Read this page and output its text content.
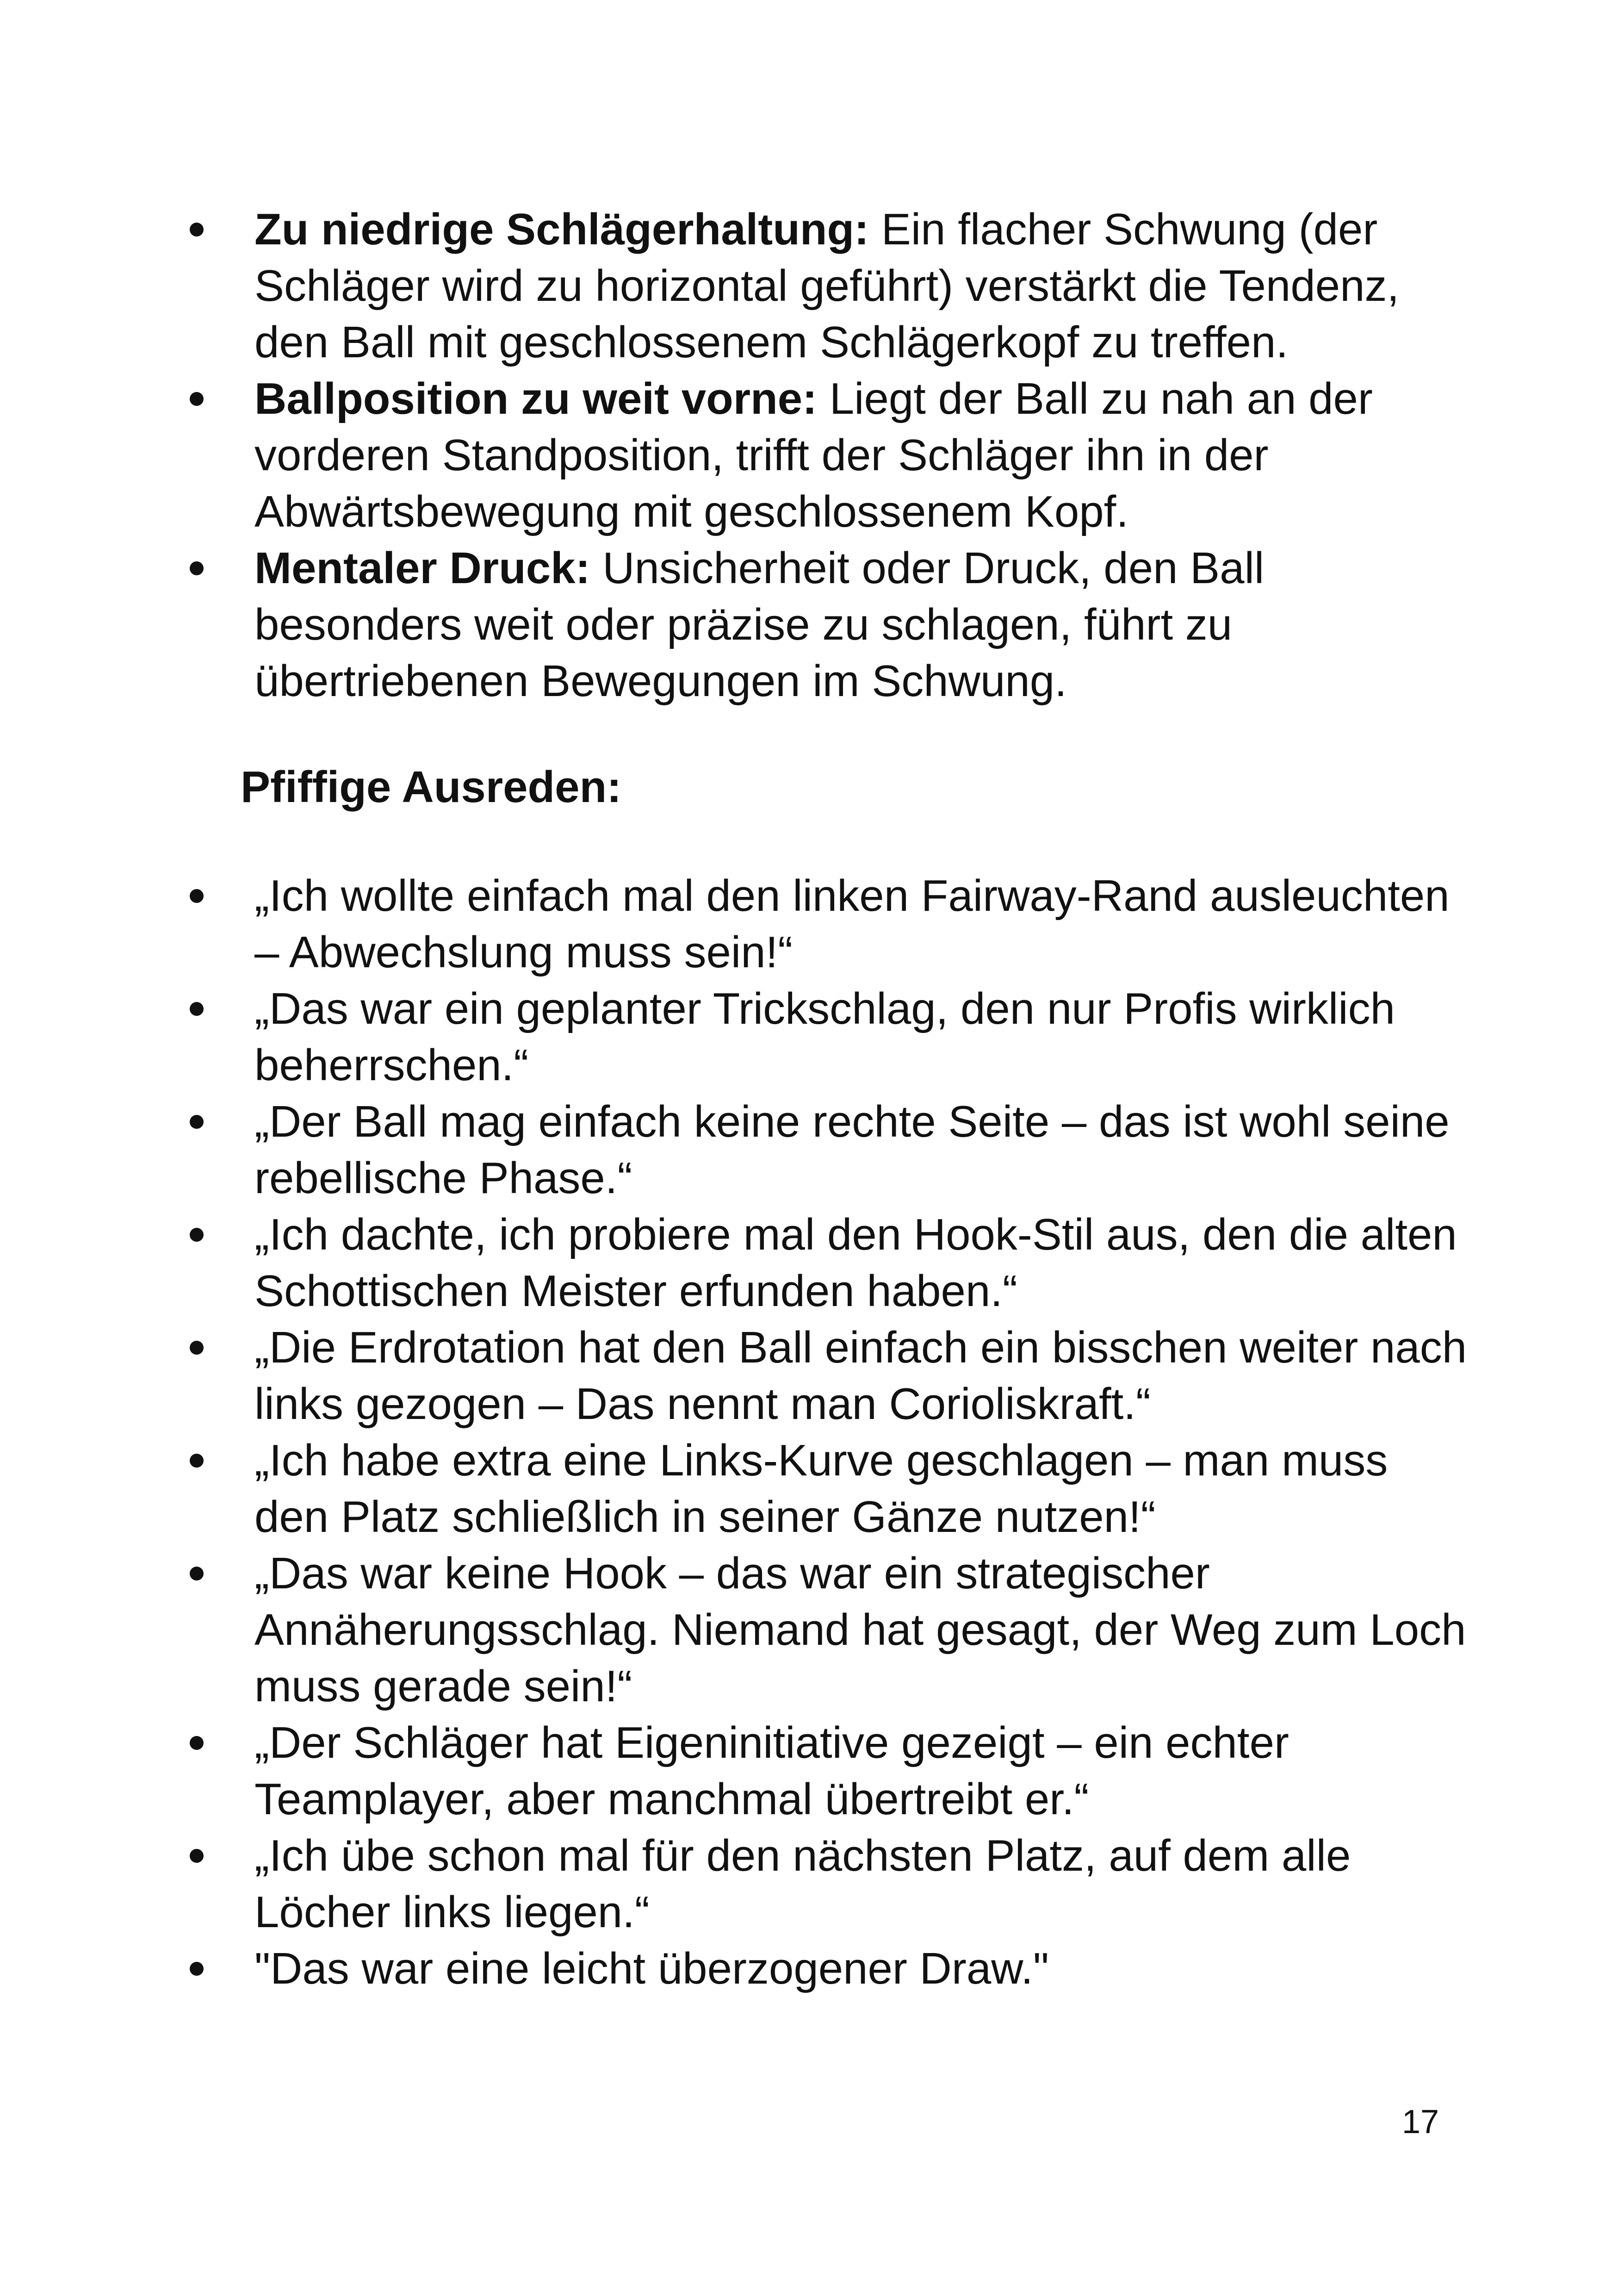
Zu niedrige Schlägerhaltung: Ein flacher Schwung (der Schläger wird zu horizontal geführt) verstärkt die Tendenz, den Ball mit geschlossenem Schlägerkopf zu treffen.
Ballposition zu weit vorne: Liegt der Ball zu nah an der vorderen Standposition, trifft der Schläger ihn in der Abwärtsbewegung mit geschlossenem Kopf.
Mentaler Druck: Unsicherheit oder Druck, den Ball besonders weit oder präzise zu schlagen, führt zu übertriebenen Bewegungen im Schwung.
Pfiffige Ausreden:
„Ich wollte einfach mal den linken Fairway-Rand ausleuchten – Abwechslung muss sein!“
„Das war ein geplanter Trickschlag, den nur Profis wirklich beherrschen.“
„Der Ball mag einfach keine rechte Seite – das ist wohl seine rebellische Phase.“
„Ich dachte, ich probiere mal den Hook-Stil aus, den die alten Schottischen Meister erfunden haben.“
„Die Erdrotation hat den Ball einfach ein bisschen weiter nach links gezogen – Das nennt man Corioliskraft.“
„Ich habe extra eine Links-Kurve geschlagen – man muss den Platz schließlich in seiner Gänze nutzen!“
„Das war keine Hook – das war ein strategischer Annäherungsschlag. Niemand hat gesagt, der Weg zum Loch muss gerade sein!“
„Der Schläger hat Eigeninitiative gezeigt – ein echter Teamplayer, aber manchmal übertreibt er.“
„Ich übe schon mal für den nächsten Platz, auf dem alle Löcher links liegen.“
"Das war eine leicht überzogener Draw."
17
